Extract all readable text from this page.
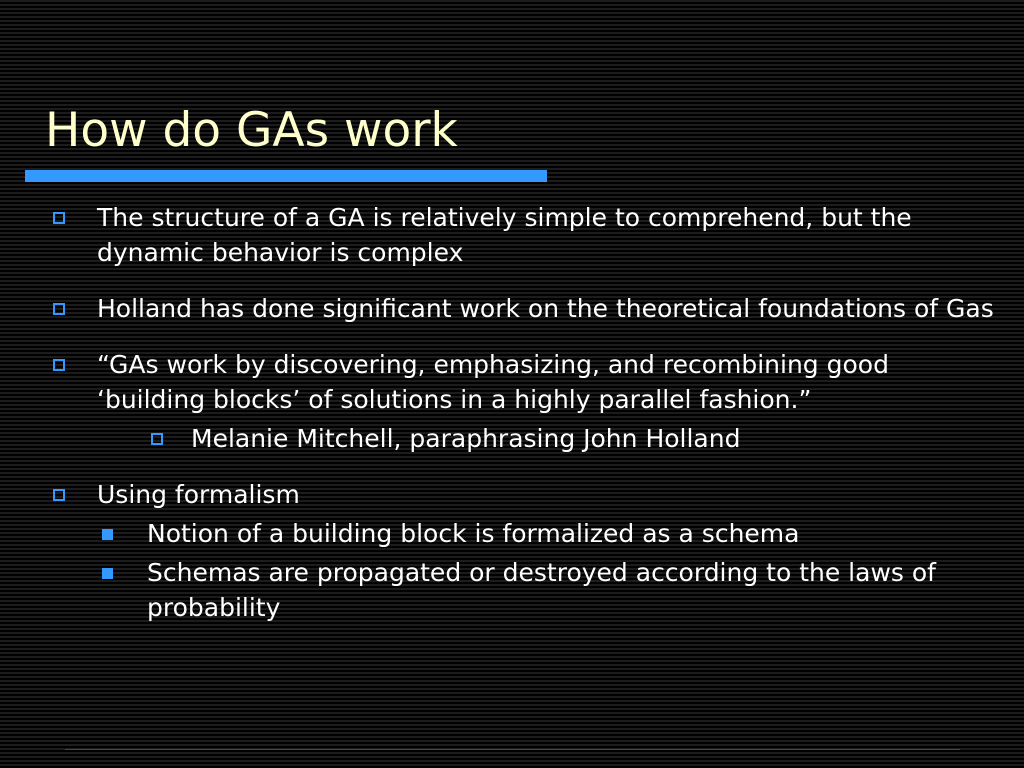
How do GAs work
The structure of a GA is relatively simple to comprehend, but the dynamic behavior is complex
Holland has done significant work on the theoretical foundations of Gas
“GAs work by discovering, emphasizing, and recombining good ‘building blocks’ of solutions in a highly parallel fashion.”
Melanie Mitchell, paraphrasing John Holland
Using formalism
Notion of a building block is formalized as a schema
Schemas are propagated or destroyed according to the laws of probability
